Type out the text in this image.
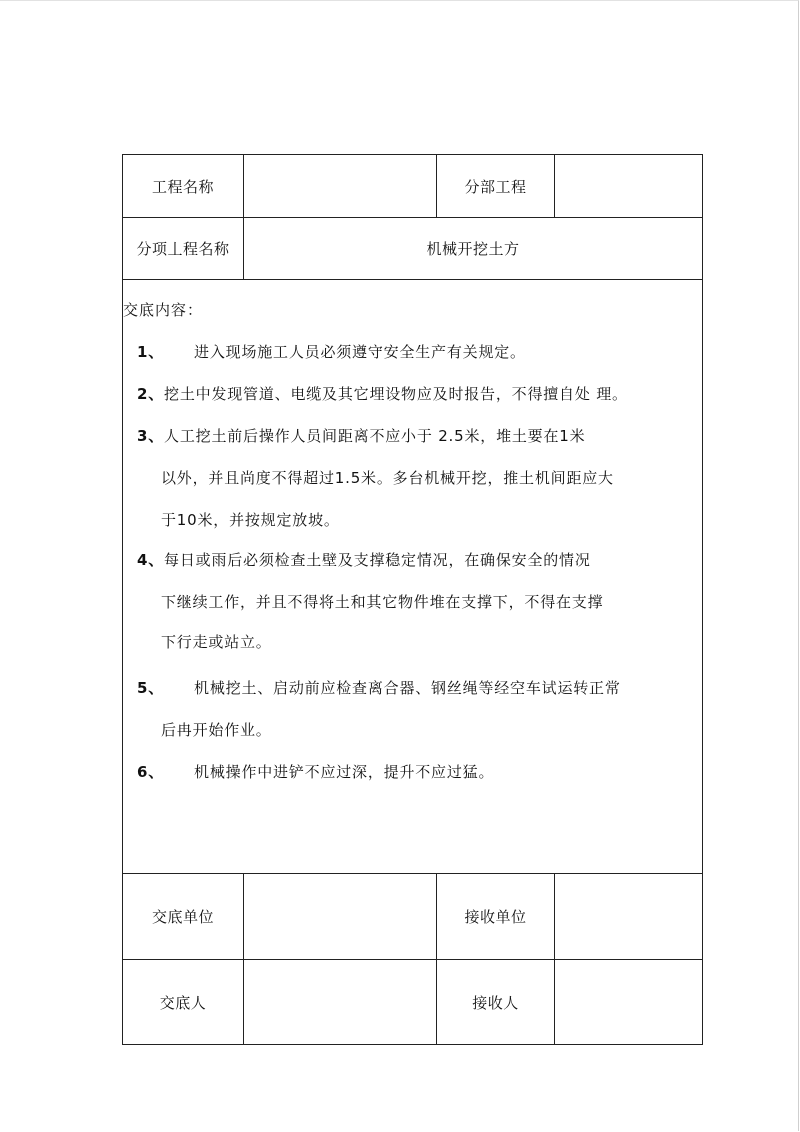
工程名称	分部工程
分项丄程名称	机械开挖土方
交底内容：
1、 进入现场施工人员必须遵守安全生产有关规定。
2、挖土中发现管道、电缆及其它埋设物应及时报告，不得擅自处 理。
3、人工挖土前后操作人员间距离不应小于 2.5米，堆土要在1米
以外，并且尚度不得超过1.5米。多台机械开挖，推土机间距应大
于10米，并按规定放坡。
4、每日或雨后必须检查土壁及支撑稳定情况，在确保安全的情况
下继续工作，并且不得将土和其它物件堆在支撑下，不得在支撑
下行走或站立。
5、 机械挖土、启动前应检查离合器、钢丝绳等经空车试运转正常
后冉开始作业。
6、 机械操作中进铲不应过深，提升不应过猛。
交底单位	接收单位
交底人	接收人
